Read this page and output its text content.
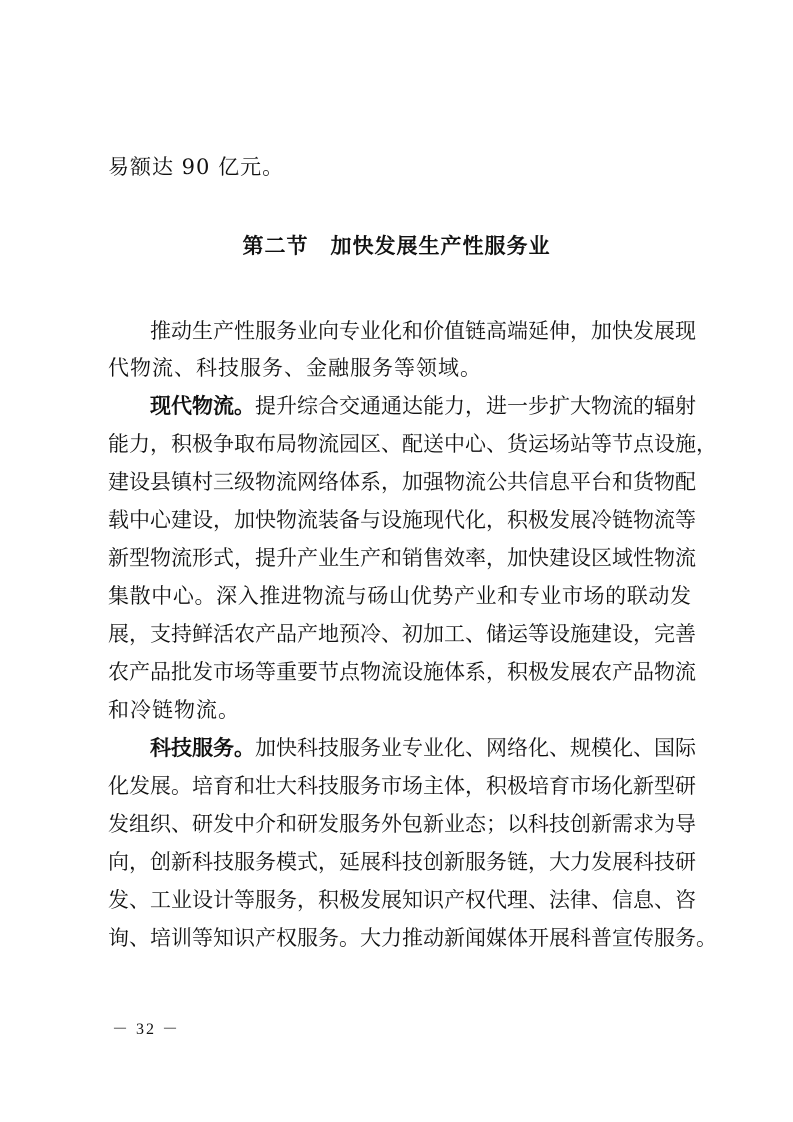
易额达 90 亿元。
第二节　加快发展生产性服务业
推动生产性服务业向专业化和价值链高端延伸，加快发展现
代物流、科技服务、金融服务等领域。
现代物流。提升综合交通通达能力，进一步扩大物流的辐射
能力，积极争取布局物流园区、配送中心、货运场站等节点设施，
建设县镇村三级物流网络体系，加强物流公共信息平台和货物配
载中心建设，加快物流装备与设施现代化，积极发展冷链物流等
新型物流形式，提升产业生产和销售效率，加快建设区域性物流
集散中心。深入推进物流与砀山优势产业和专业市场的联动发
展，支持鲜活农产品产地预冷、初加工、储运等设施建设，完善
农产品批发市场等重要节点物流设施体系，积极发展农产品物流
和冷链物流。
科技服务。加快科技服务业专业化、网络化、规模化、国际
化发展。培育和壮大科技服务市场主体，积极培育市场化新型研
发组织、研发中介和研发服务外包新业态；以科技创新需求为导
向，创新科技服务模式，延展科技创新服务链，大力发展科技研
发、工业设计等服务，积极发展知识产权代理、法律、信息、咨
询、培训等知识产权服务。大力推动新闻媒体开展科普宣传服务。
－ 32 －
